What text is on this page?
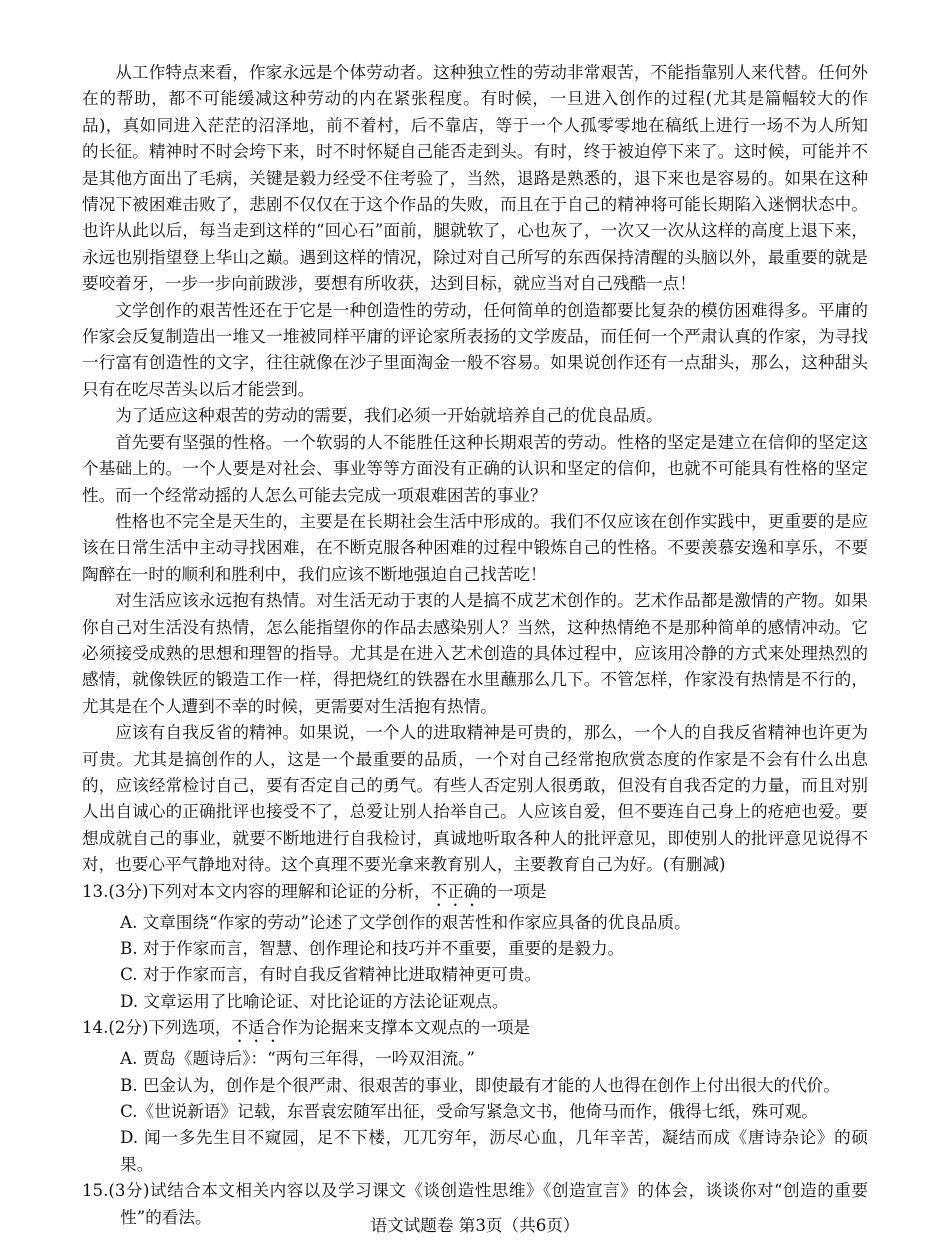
从工作特点来看，作家永远是个体劳动者。这种独立性的劳动非常艰苦，不能指靠别人来代替。任何外在的帮助，都不可能缓减这种劳动的内在紧张程度。有时候，一旦进入创作的过程(尤其是篇幅较大的作品)，真如同进入茫茫的沼泽地，前不着村，后不靠店，等于一个人孤零零地在稿纸上进行一场不为人所知的长征。精神时不时会垮下来，时不时怀疑自己能否走到头。有时，终于被迫停下来了。这时候，可能并不是其他方面出了毛病，关键是毅力经受不住考验了，当然，退路是熟悉的，退下来也是容易的。如果在这种情况下被困难击败了，悲剧不仅仅在于这个作品的失败，而且在于自己的精神将可能长期陷入迷惘状态中。也许从此以后，每当走到这样的“回心石”面前，腿就软了，心也灰了，一次又一次从这样的高度上退下来，永远也别指望登上华山之巅。遇到这样的情况，除过对自己所写的东西保持清醒的头脑以外，最重要的就是要咬着牙，一步一步向前跋涉，要想有所收获，达到目标，就应当对自己残酷一点！

文学创作的艰苦性还在于它是一种创造性的劳动，任何简单的创造都要比复杂的模仿困难得多。平庸的作家会反复制造出一堆又一堆被同样平庸的评论家所表扬的文学废品，而任何一个严肃认真的作家，为寻找一行富有创造性的文字，往往就像在沙子里面淘金一般不容易。如果说创作还有一点甜头，那么，这种甜头只有在吃尽苦头以后才能尝到。

为了适应这种艰苦的劳动的需要，我们必须一开始就培养自己的优良品质。

首先要有坚强的性格。一个软弱的人不能胜任这种长期艰苦的劳动。性格的坚定是建立在信仰的坚定这个基础上的。一个人要是对社会、事业等等方面没有正确的认识和坚定的信仰，也就不可能具有性格的坚定性。而一个经常动摇的人怎么可能去完成一项艰难困苦的事业？

性格也不完全是天生的，主要是在长期社会生活中形成的。我们不仅应该在创作实践中，更重要的是应该在日常生活中主动寻找困难，在不断克服各种困难的过程中锻炼自己的性格。不要羡慕安逸和享乐，不要陶醉在一时的顺利和胜利中，我们应该不断地强迫自己找苦吃！

对生活应该永远抱有热情。对生活无动于衷的人是搞不成艺术创作的。艺术作品都是激情的产物。如果你自己对生活没有热情，怎么能指望你的作品去感染别人？当然，这种热情绝不是那种简单的感情冲动。它必须接受成熟的思想和理智的指导。尤其是在进入艺术创造的具体过程中，应该用冷静的方式来处理热烈的感情，就像铁匠的锻造工作一样，得把烧红的铁器在水里蘸那么几下。不管怎样，作家没有热情是不行的，尤其是在个人遭到不幸的时候，更需要对生活抱有热情。

应该有自我反省的精神。如果说，一个人的进取精神是可贵的，那么，一个人的自我反省精神也许更为可贵。尤其是搞创作的人，这是一个最重要的品质，一个对自己经常抱欣赏态度的作家是不会有什么出息的，应该经常检讨自己，要有否定自己的勇气。有些人否定别人很勇敢，但没有自我否定的力量，而且对别人出自诚心的正确批评也接受不了，总爱让别人抬举自己。人应该自爱，但不要连自己身上的疮疤也爱。要想成就自己的事业，就要不断地进行自我检讨，真诚地听取各种人的批评意见，即使别人的批评意见说得不对，也要心平气静地对待。这个真理不要光拿来教育别人，主要教育自己为好。(有删减)

13.(3分)下列对本文内容的理解和论证的分析，不正确的一项是

A. 文章围绕“作家的劳动”论述了文学创作的艰苦性和作家应具备的优良品质。

B. 对于作家而言，智慧、创作理论和技巧并不重要，重要的是毅力。

C. 对于作家而言，有时自我反省精神比进取精神更可贵。

D. 文章运用了比喻论证、对比论证的方法论证观点。

14.(2分)下列选项，不适合作为论据来支撑本文观点的一项是

A. 贾岛《题诗后》：“两句三年得，一吟双泪流。”

B. 巴金认为，创作是个很严肃、很艰苦的事业，即使最有才能的人也得在创作上付出很大的代价。

C.《世说新语》记载，东晋袁宏随军出征，受命写紧急文书，他倚马而作，俄得七纸，殊可观。

D. 闻一多先生目不窥园，足不下楼，兀兀穷年，沥尽心血，几年辛苦，凝结而成《唐诗杂论》的硕果。

15.(3分)试结合本文相关内容以及学习课文《谈创造性思维》《创造宣言》的体会，谈谈你对“创造的重要性”的看法。	语文试题卷 第3页（共6页）
